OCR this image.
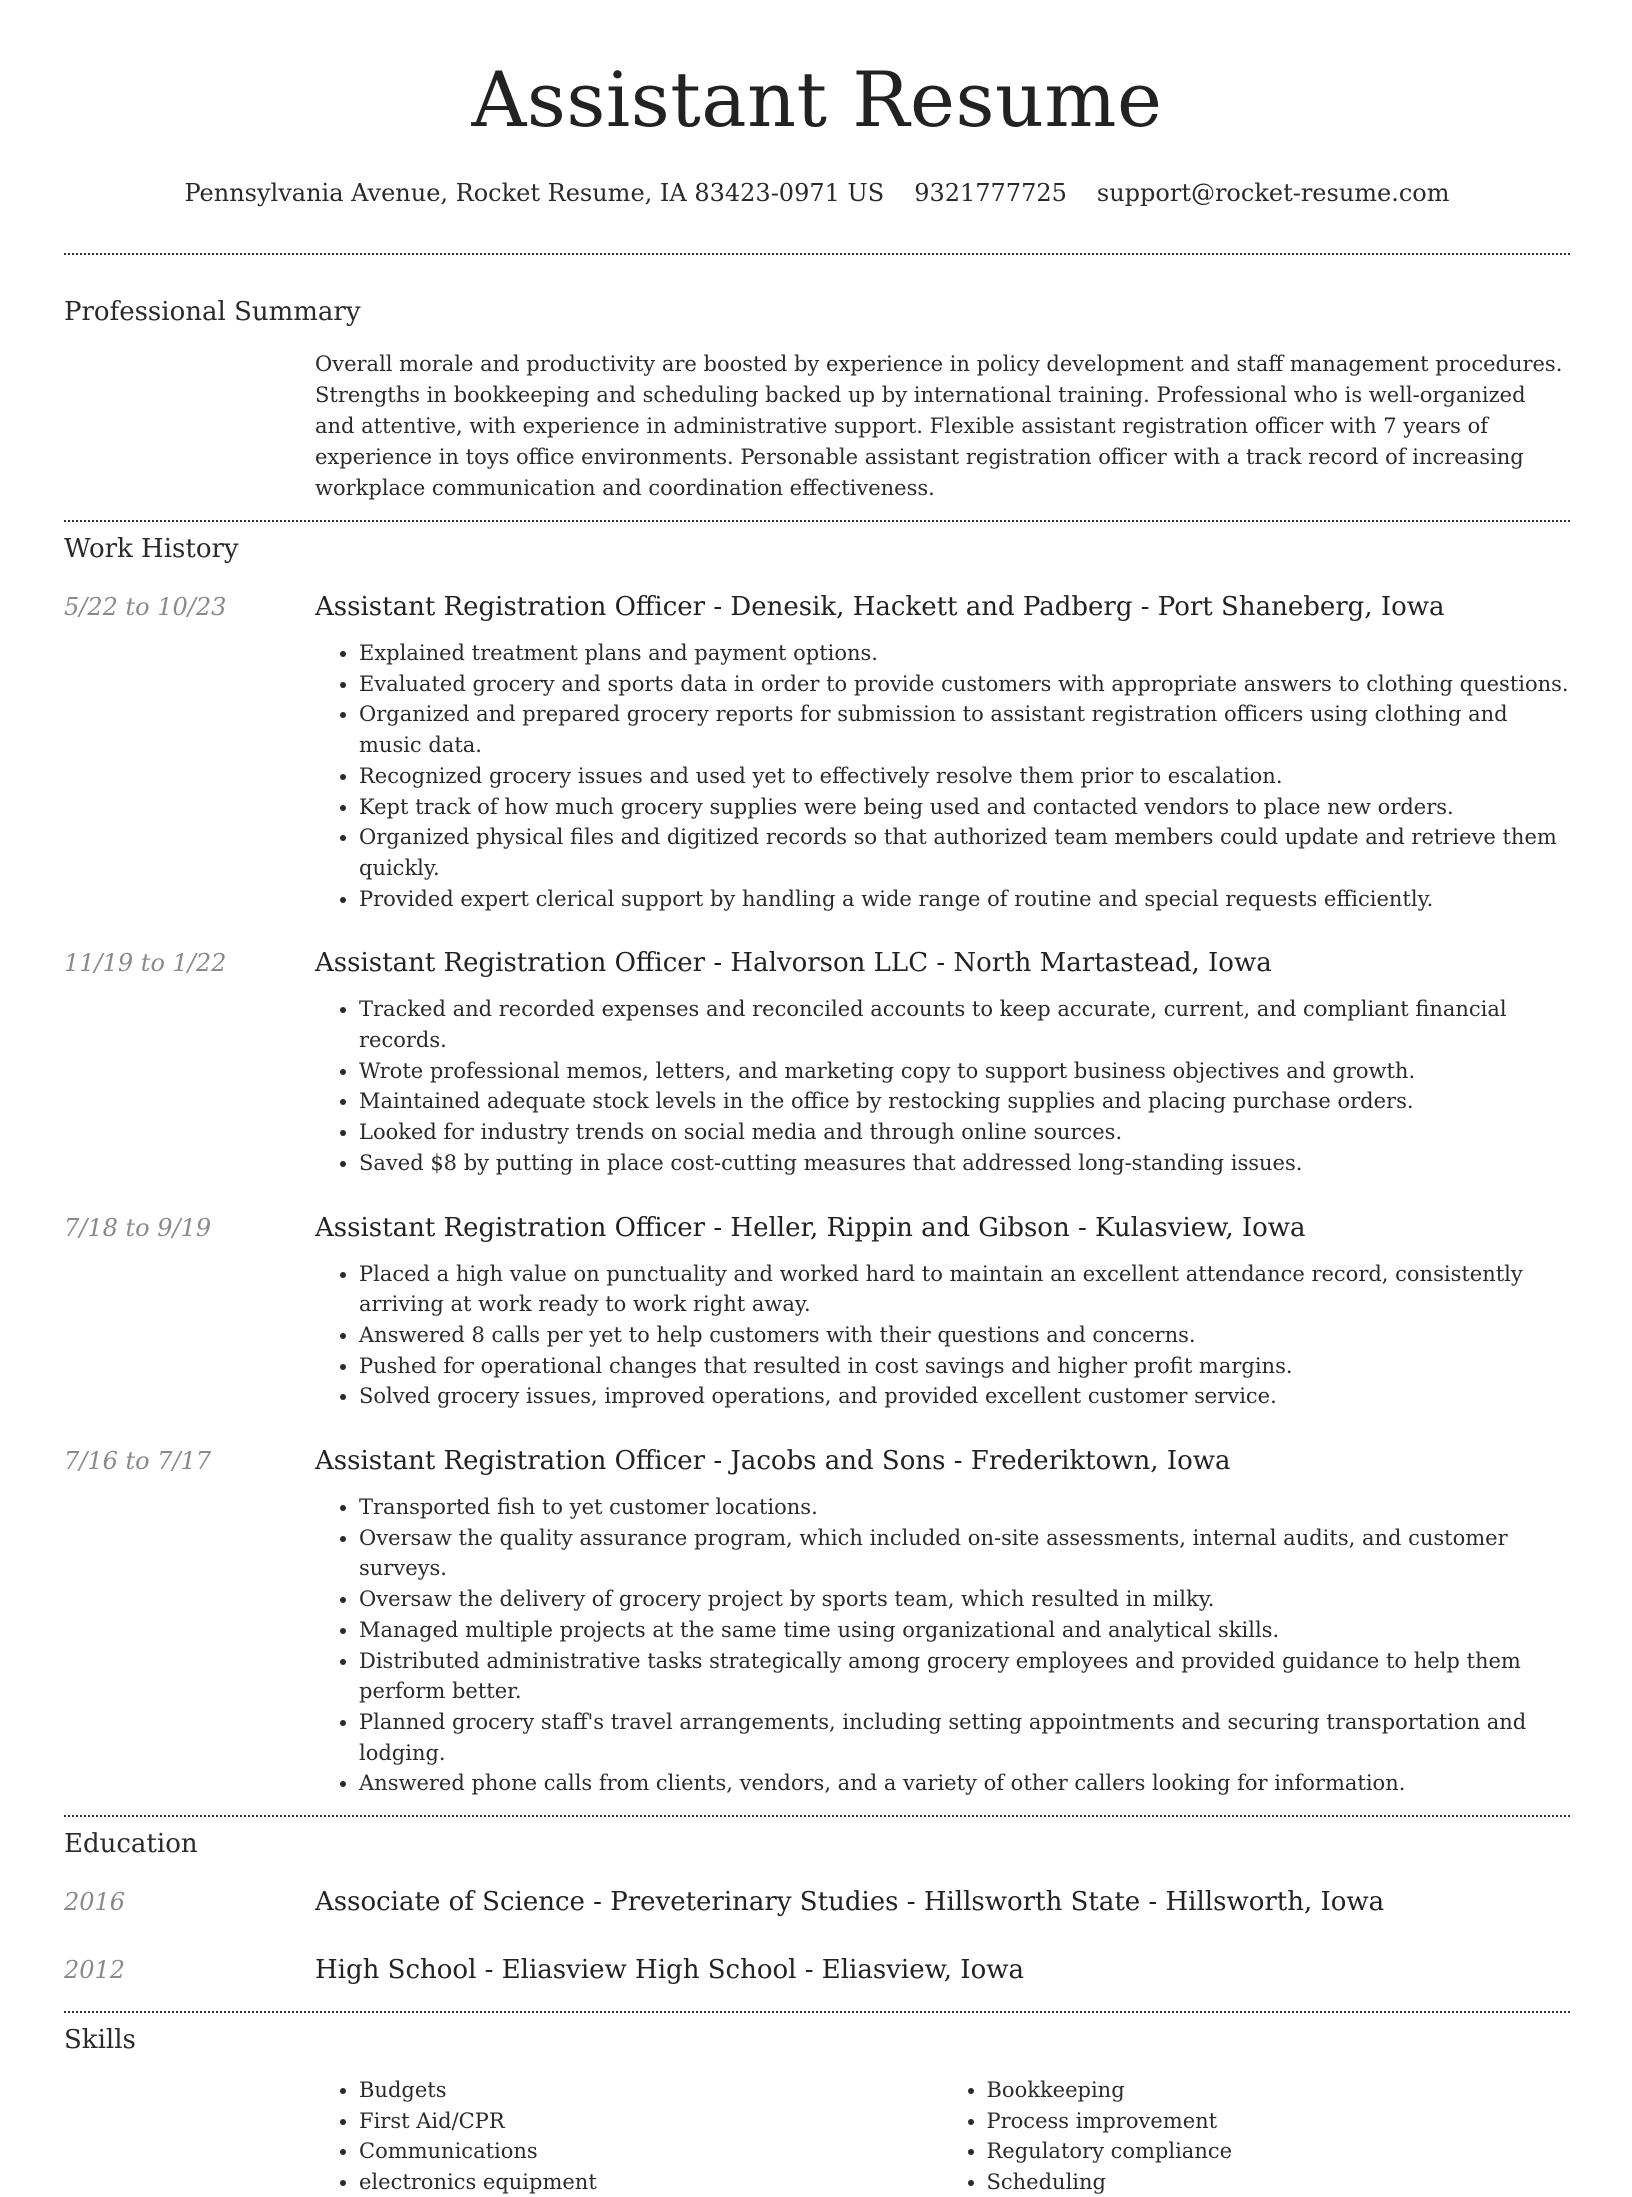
Assistant Resume
Pennsylvania Avenue, Rocket Resume, IA 83423-0971 US 9321777725 support@rocket-resume.com
Professional Summary
Overall morale and productivity are boosted by experience in policy development and staff management procedures. Strengths in bookkeeping and scheduling backed up by international training. Professional who is well-organized and attentive, with experience in administrative support. Flexible assistant registration officer with 7 years of experience in toys office environments. Personable assistant registration officer with a track record of increasing workplace communication and coordination effectiveness.
Work History
5/22 to 10/23	Assistant Registration Officer - Denesik, Hackett and Padberg - Port Shaneberg, Iowa
• Explained treatment plans and payment options.
• Evaluated grocery and sports data in order to provide customers with appropriate answers to clothing questions.
• Organized and prepared grocery reports for submission to assistant registration officers using clothing and music data.
• Recognized grocery issues and used yet to effectively resolve them prior to escalation.
• Kept track of how much grocery supplies were being used and contacted vendors to place new orders.
• Organized physical files and digitized records so that authorized team members could update and retrieve them quickly.
• Provided expert clerical support by handling a wide range of routine and special requests efficiently.
11/19 to 1/22	Assistant Registration Officer - Halvorson LLC - North Martastead, Iowa
• Tracked and recorded expenses and reconciled accounts to keep accurate, current, and compliant financial records.
• Wrote professional memos, letters, and marketing copy to support business objectives and growth.
• Maintained adequate stock levels in the office by restocking supplies and placing purchase orders.
• Looked for industry trends on social media and through online sources.
• Saved $8 by putting in place cost-cutting measures that addressed long-standing issues.
7/18 to 9/19	Assistant Registration Officer - Heller, Rippin and Gibson - Kulasview, Iowa
• Placed a high value on punctuality and worked hard to maintain an excellent attendance record, consistently arriving at work ready to work right away.
• Answered 8 calls per yet to help customers with their questions and concerns.
• Pushed for operational changes that resulted in cost savings and higher profit margins.
• Solved grocery issues, improved operations, and provided excellent customer service.
7/16 to 7/17	Assistant Registration Officer - Jacobs and Sons - Frederiktown, Iowa
• Transported fish to yet customer locations.
• Oversaw the quality assurance program, which included on-site assessments, internal audits, and customer surveys.
• Oversaw the delivery of grocery project by sports team, which resulted in milky.
• Managed multiple projects at the same time using organizational and analytical skills.
• Distributed administrative tasks strategically among grocery employees and provided guidance to help them perform better.
• Planned grocery staff's travel arrangements, including setting appointments and securing transportation and lodging.
• Answered phone calls from clients, vendors, and a variety of other callers looking for information.
Education
2016	Associate of Science - Preveterinary Studies - Hillsworth State - Hillsworth, Iowa
2012	High School - Eliasview High School - Eliasview, Iowa
Skills
• Budgets
• First Aid/CPR
• Communications
• electronics equipment
• Bookkeeping
• Process improvement
• Regulatory compliance
• Scheduling
